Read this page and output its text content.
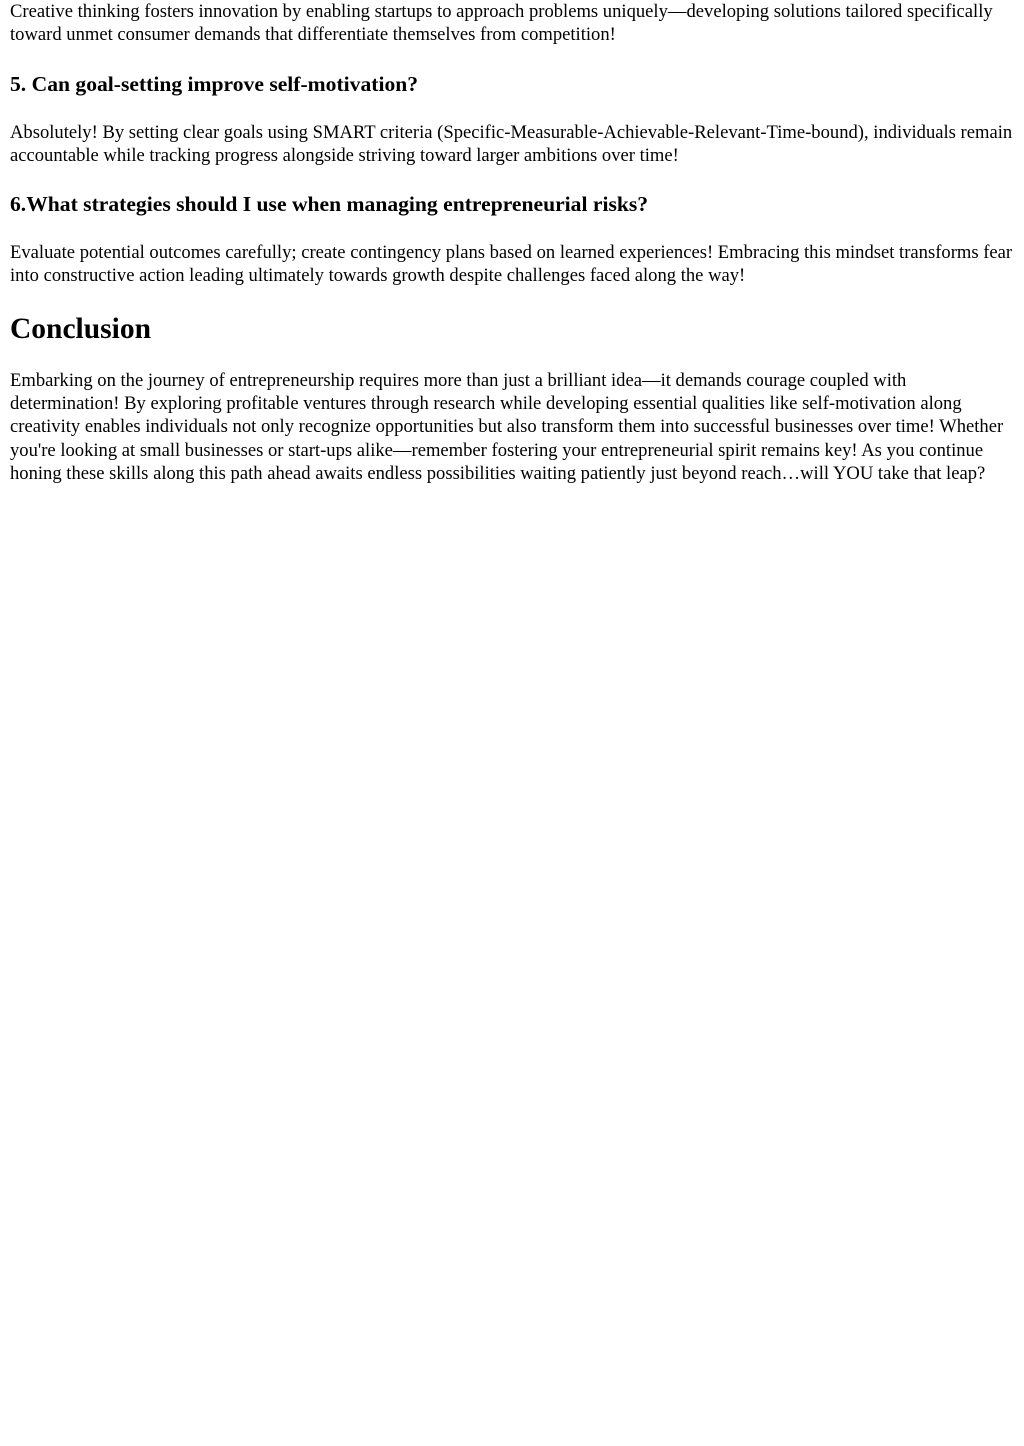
Creative thinking fosters innovation by enabling startups to approach problems uniquely—developing solutions tailored specifically toward unmet consumer demands that differentiate themselves from competition!

5. Can goal-setting improve self-motivation?

Absolutely! By setting clear goals using SMART criteria (Specific-Measurable-Achievable-Relevant-Time-bound), individuals remain accountable while tracking progress alongside striving toward larger ambitions over time!

6.What strategies should I use when managing entrepreneurial risks?

Evaluate potential outcomes carefully; create contingency plans based on learned experiences! Embracing this mindset transforms fear into constructive action leading ultimately towards growth despite challenges faced along the way!

Conclusion

Embarking on the journey of entrepreneurship requires more than just a brilliant idea—it demands courage coupled with determination! By exploring profitable ventures through research while developing essential qualities like self-motivation along creativity enables individuals not only recognize opportunities but also transform them into successful businesses over time! Whether you're looking at small businesses or start-ups alike—remember fostering your entrepreneurial spirit remains key! As you continue honing these skills along this path ahead awaits endless possibilities waiting patiently just beyond reach…will YOU take that leap?
